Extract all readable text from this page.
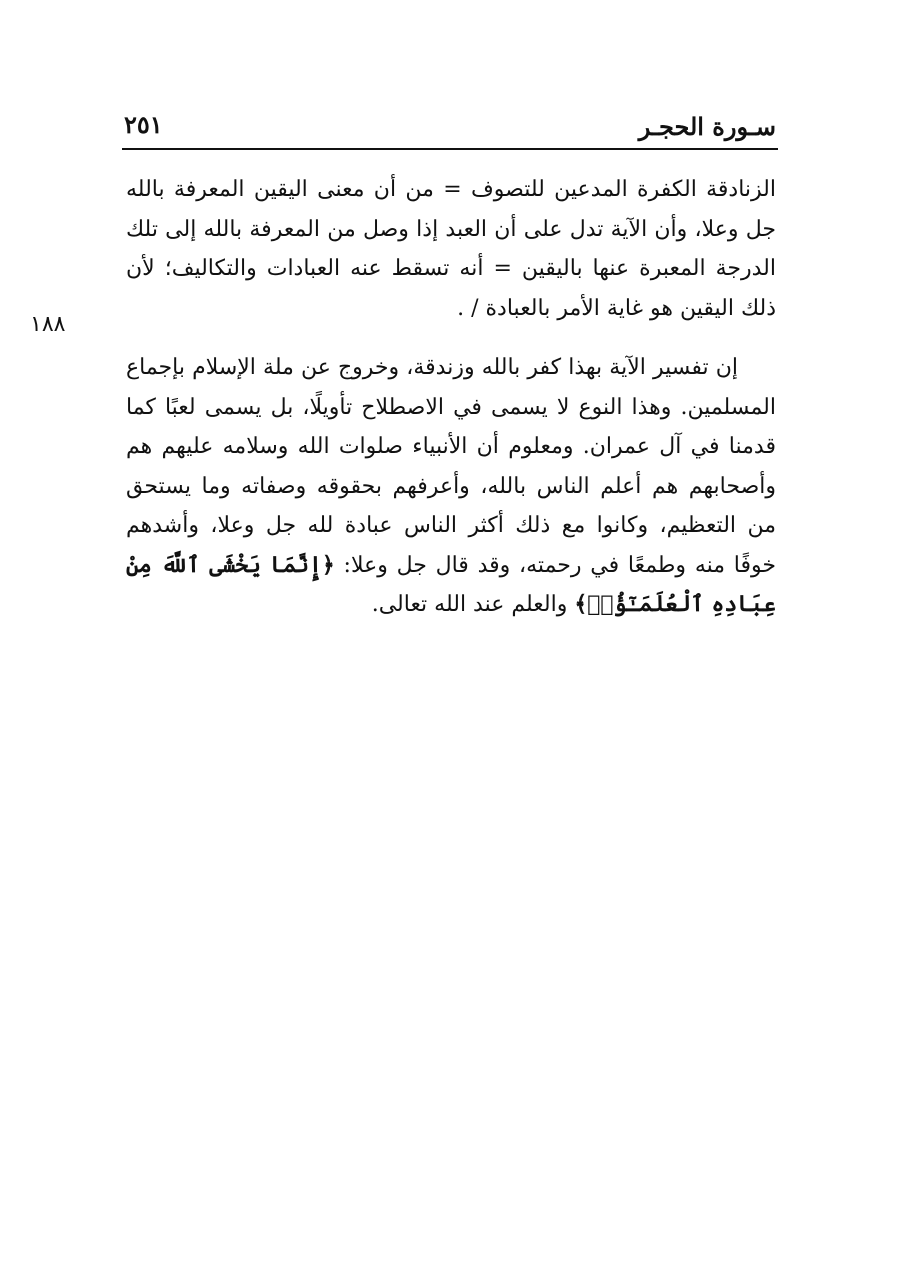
سـورة الحجـر
٢٥١

الزنادقة الكفرة المدعين للتصوف = من أن معنى اليقين المعرفة بالله جل وعلا، وأن الآية تدل على أن العبد إذا وصل من المعرفة بالله إلى تلك الدرجة المعبرة عنها باليقين = أنه تسقط عنه العبادات والتكاليف؛ لأن ذلك اليقين هو غاية الأمر بالعبادة / .

إن تفسير الآية بهذا كفر بالله وزندقة، وخروج عن ملة الإسلام بإجماع المسلمين. وهذا النوع لا يسمى في الاصطلاح تأويلًا، بل يسمى لعبًا كما قدمنا في آل عمران. ومعلوم أن الأنبياء صلوات الله وسلامه عليهم هم وأصحابهم هم أعلم الناس بالله، وأعرفهم بحقوقه وصفاته وما يستحق من التعظيم، وكانوا مع ذلك أكثر الناس عبادة لله جل وعلا، وأشدهم خوفًا منه وطمعًا في رحمته، وقد قال جل وعلا: ﴿إِنَّمَا يَخْشَى ٱللَّهَ مِنْ عِبَادِهِ ٱلْعُلَمَـٰٓؤُا۟﴾ والعلم عند الله تعالى.

١٨٨
